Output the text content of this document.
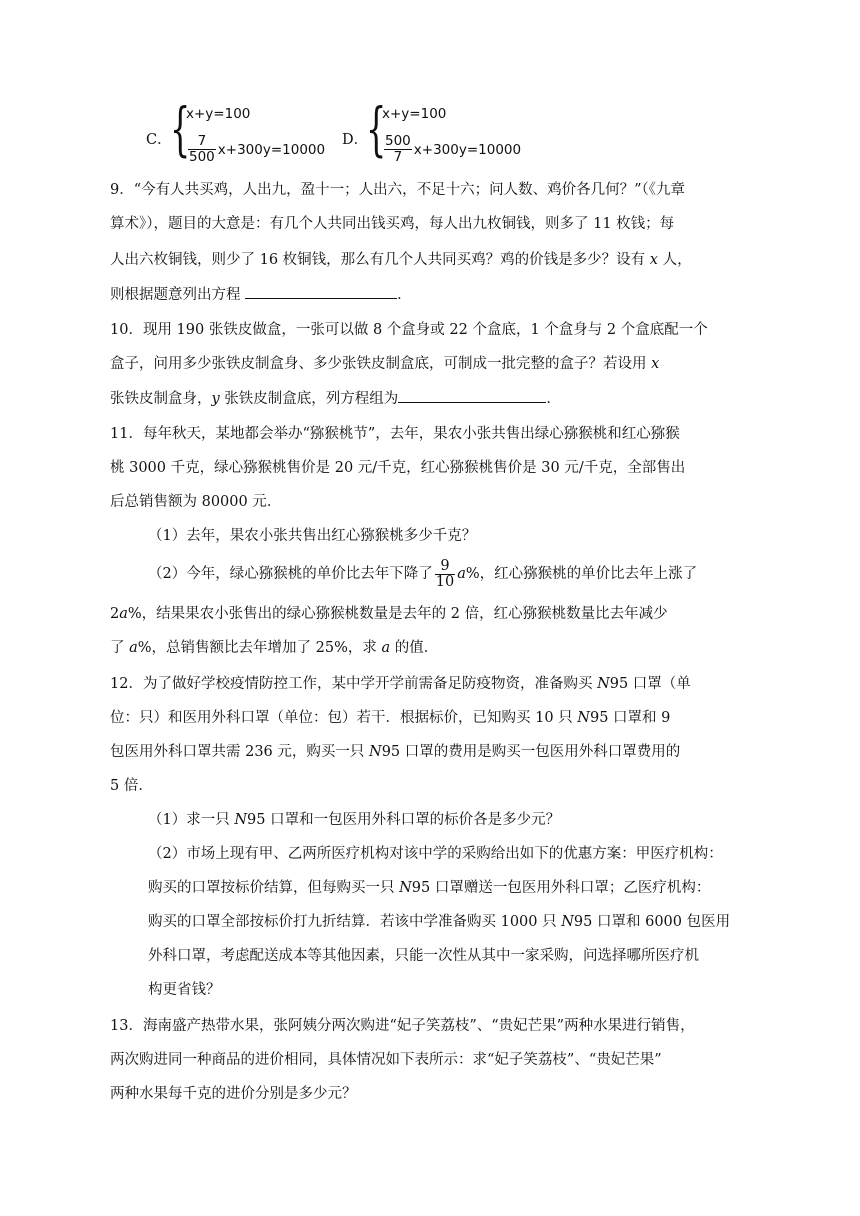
C．
{
x+y=100
$\frac{7}{500} x+300y=10000$
D．
{
x+y=100
$\frac{500}{7} x+300y=10000$
9．“今有人共买鸡，人出九，盈十一；人出六，不足十六；问人数、鸡价各几何？”（《九章
算术》），题目的大意是：有几个人共同出钱买鸡，每人出九枚铜钱，则多了 11 枚钱；每
人出六枚铜钱，则少了 16 枚铜钱，那么有几个人共同买鸡？鸡的价钱是多少？设有 x 人，
则根据题意列出方程	．
10．现用 190 张铁皮做盒，一张可以做 8 个盒身或 22 个盒底，1 个盒身与 2 个盒底配一个
盒子，问用多少张铁皮制盒身、多少张铁皮制盒底，可制成一批完整的盒子？若设用 x
张铁皮制盒身，y 张铁皮制盒底，列方程组为	．
11．每年秋天，某地都会举办“猕猴桃节”，去年，果农小张共售出绿心猕猴桃和红心猕猴
桃 3000 千克，绿心猕猴桃售价是 20 元/千克，红心猕猴桃售价是 30 元/千克，全部售出
后总销售额为 80000 元．
（1）去年，果农小张共售出红心猕猴桃多少千克？
（2）今年，绿心猕猴桃的单价比去年下降了 $\frac{9}{10} a\%$，红心猕猴桃的单价比去年上涨了
2a%，结果果农小张售出的绿心猕猴桃数量是去年的 2 倍，红心猕猴桃数量比去年减少
了 a%，总销售额比去年增加了 25%，求 a 的值．
12．为了做好学校疫情防控工作，某中学开学前需备足防疫物资，准备购买 N95 口罩（单
位：只）和医用外科口罩（单位：包）若干．根据标价，已知购买 10 只 N95 口罩和 9
包医用外科口罩共需 236 元，购买一只 N95 口罩的费用是购买一包医用外科口罩费用的
5 倍．
（1）求一只 N95 口罩和一包医用外科口罩的标价各是多少元？
（2）市场上现有甲、乙两所医疗机构对该中学的采购给出如下的优惠方案：甲医疗机构：
购买的口罩按标价结算，但每购买一只 N95 口罩赠送一包医用外科口罩；乙医疗机构：
购买的口罩全部按标价打九折结算．若该中学准备购买 1000 只 N95 口罩和 6000 包医用
外科口罩，考虑配送成本等其他因素，只能一次性从其中一家采购，问选择哪所医疗机
构更省钱？
13．海南盛产热带水果，张阿姨分两次购进“妃子笑荔枝”、“贵妃芒果”两种水果进行销售，
两次购进同一种商品的进价相同，具体情况如下表所示：求“妃子笑荔枝”、“贵妃芒果”
两种水果每千克的进价分别是多少元？
